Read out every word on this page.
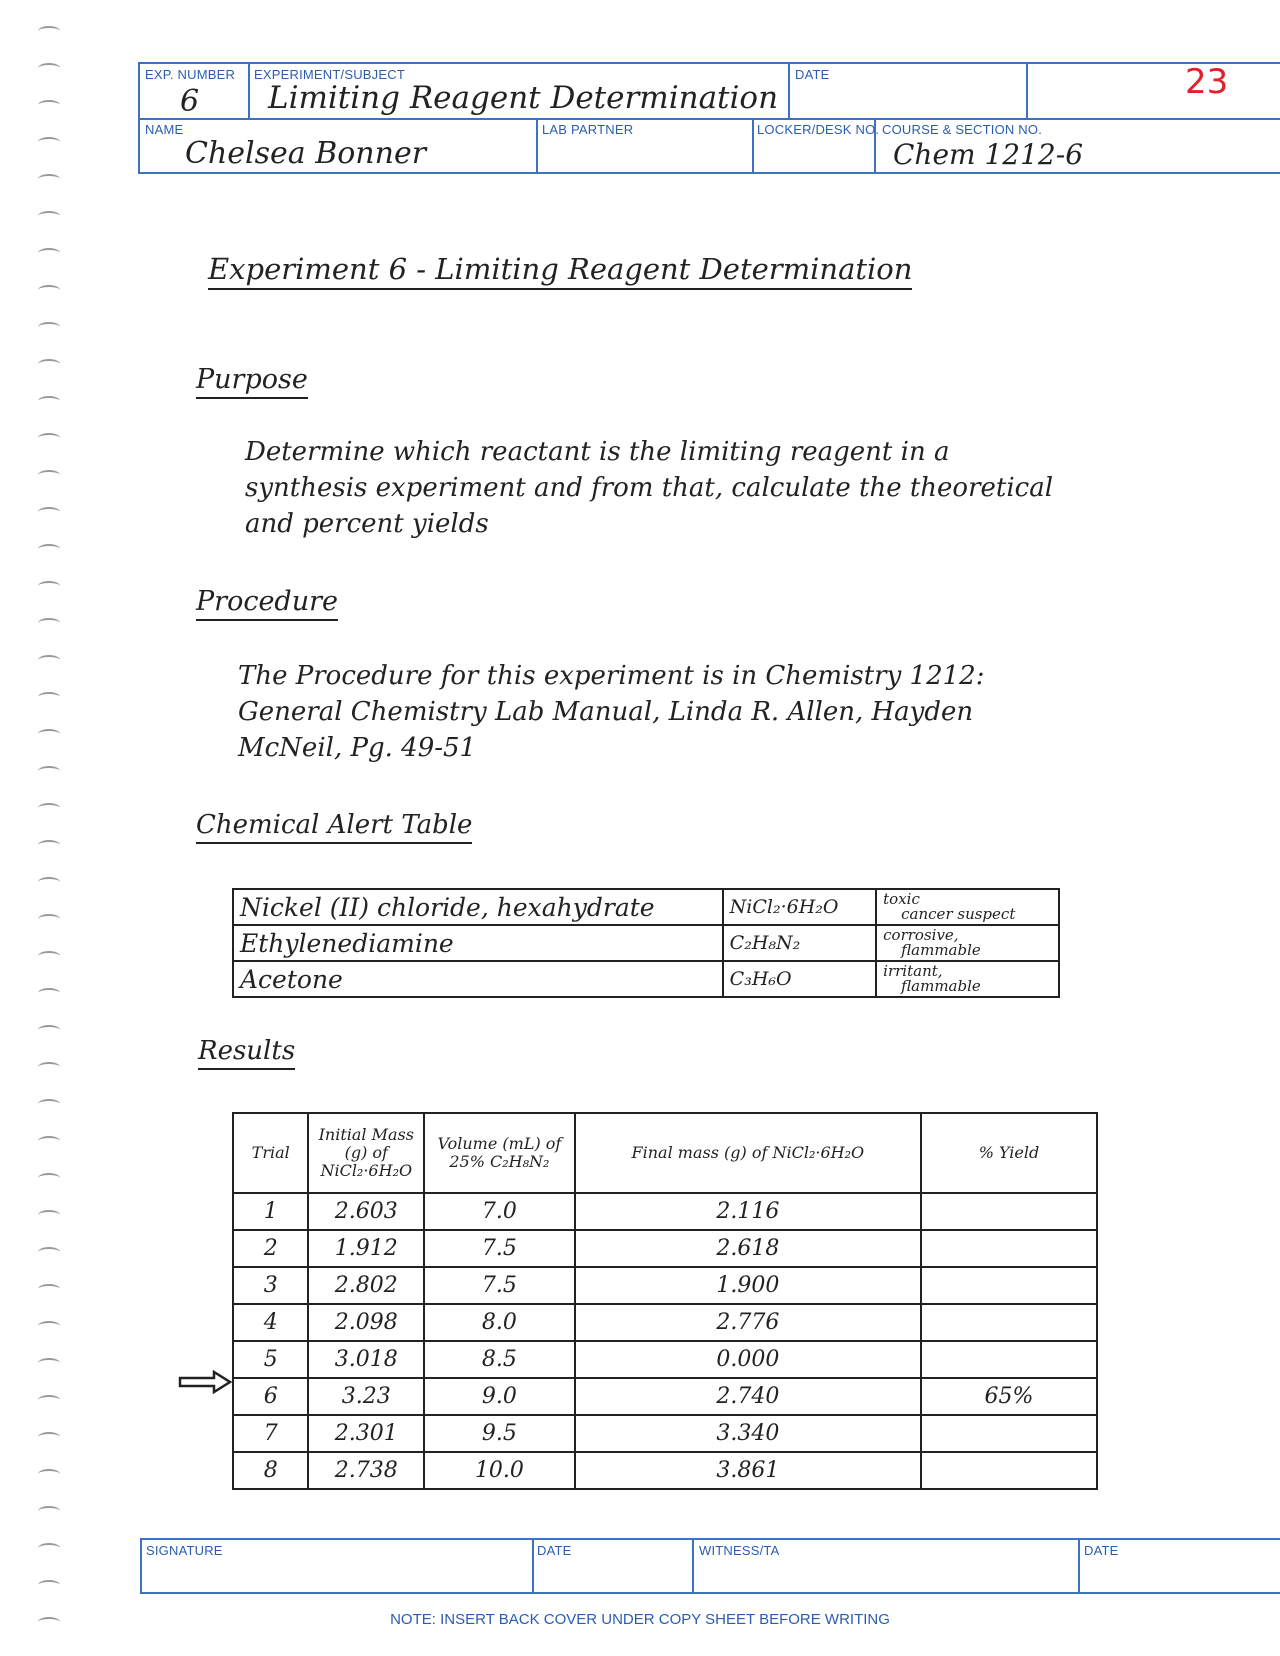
23
EXP. NUMBER
6
EXPERIMENT/SUBJECT
Limiting Reagent Determination
DATE
NAME
Chelsea Bonner
LAB PARTNER	LOCKER/DESK NO. COURSE & SECTION NO.
Chem 1212-6
Experiment 6 - Limiting Reagent Determination
Purpose
Determine which reactant is the limiting reagent in a
synthesis experiment and from that, calculate the theoretical
and percent yields
Procedure
The Procedure for this experiment is in Chemistry 1212:
General Chemistry Lab Manual, Linda R. Allen, Hayden
McNeil, Pg. 49-51
Chemical Alert Table
Nickel (II) chloride, hexahydrate	NiCl₂·6H₂O	toxic
cancer suspect

Ethylenediamine	C₂H₈N₂	corrosive,
flammable

Acetone	C₃H₆O	irritant,
flammable
Results
Trial	Initial Mass (g) of NiCl₂·6H₂O	Volume (mL) of 25% C₂H₈N₂	Final mass (g) of NiCl₂·6H₂O	% Yield
1	2.603	7.0	2.116	
2	1.912	7.5	2.618	
3	2.802	7.5	1.900	
4	2.098	8.0	2.776	
5	3.018	8.5	0.000	
6	3.23	9.0	2.740	65%
7	2.301	9.5	3.340	
8	2.738	10.0	3.861	
SIGNATURE	DATE	WITNESS/TA	DATE
NOTE: INSERT BACK COVER UNDER COPY SHEET BEFORE WRITING
